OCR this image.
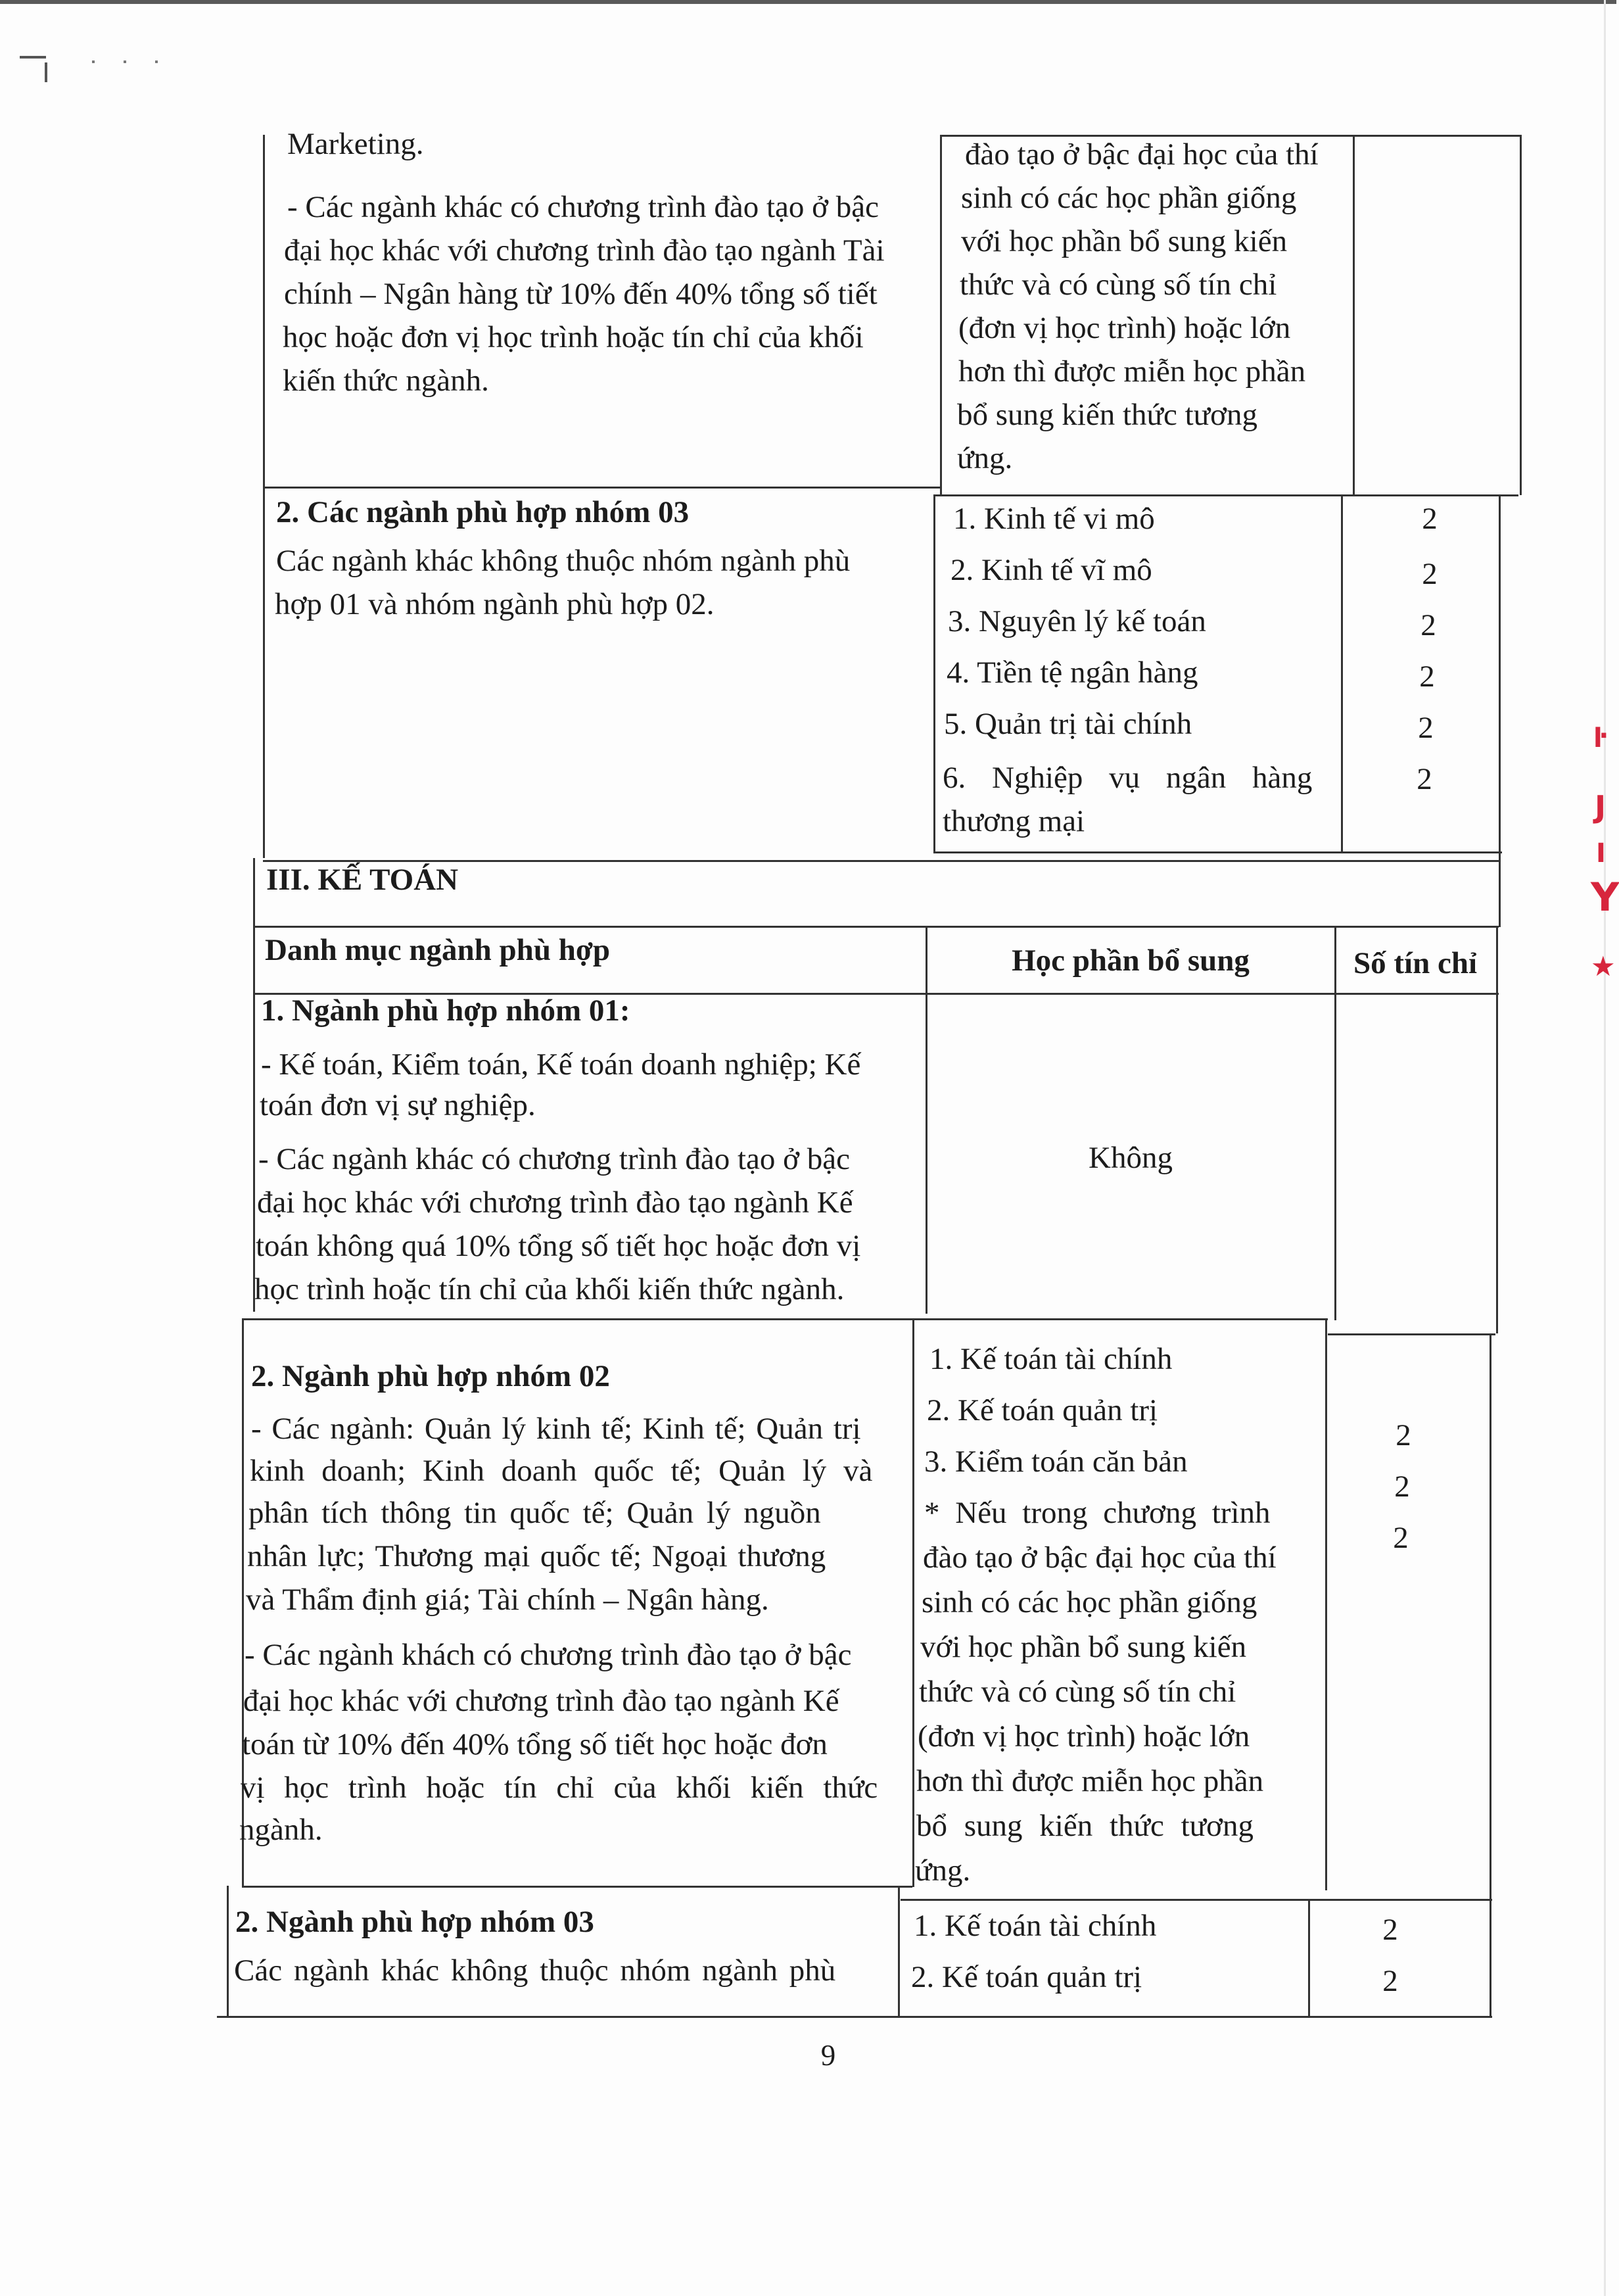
ŀ
J
I
Y
★
Marketing.
- Các ngành khác có chương trình đào tạo ở bậc
đại học khác với chương trình đào tạo ngành Tài
chính – Ngân hàng từ 10% đến 40% tổng số tiết
học hoặc đơn vị học trình hoặc tín chỉ của khối
kiến thức ngành.
đào tạo ở bậc đại học của thí
sinh có các học phần giống
với học phần bổ sung kiến
thức và có cùng số tín chỉ
(đơn vị học trình) hoặc lớn
hơn thì được miễn học phần
bổ sung kiến thức tương
ứng.
2. Các ngành phù hợp nhóm 03
Các ngành khác không thuộc nhóm ngành phù
hợp 01 và nhóm ngành phù hợp 02.
1. Kinh tế vi mô
2. Kinh tế vĩ mô
3. Nguyên lý kế toán
4. Tiền tệ ngân hàng
5. Quản trị tài chính
6. Nghiệp vụ ngân hàng
thương mại
2
2
2
2
2
2
III. KẾ TOÁN
Danh mục ngành phù hợp	Học phần bổ sung	Số tín chỉ
1. Ngành phù hợp nhóm 01:
- Kế toán, Kiểm toán, Kế toán doanh nghiệp; Kế
toán đơn vị sự nghiệp.
- Các ngành khác có chương trình đào tạo ở bậc
đại học khác với chương trình đào tạo ngành Kế
toán không quá 10% tổng số tiết học hoặc đơn vị
học trình hoặc tín chỉ của khối kiến thức ngành.
Không
2. Ngành phù hợp nhóm 02
- Các ngành: Quản lý kinh tế; Kinh tế; Quản trị
kinh doanh; Kinh doanh quốc tế; Quản lý và
phân tích thông tin quốc tế; Quản lý nguồn
nhân lực; Thương mại quốc tế; Ngoại thương
và Thẩm định giá; Tài chính – Ngân hàng.
- Các ngành khách có chương trình đào tạo ở bậc
đại học khác với chương trình đào tạo ngành Kế
toán từ 10% đến 40% tổng số tiết học hoặc đơn
vị học trình hoặc tín chỉ của khối kiến thức
ngành.
1. Kế toán tài chính
2. Kế toán quản trị
3. Kiểm toán căn bản
* Nếu trong chương trình
đào tạo ở bậc đại học của thí
sinh có các học phần giống
với học phần bổ sung kiến
thức và có cùng số tín chỉ
(đơn vị học trình) hoặc lớn
hơn thì được miễn học phần
bổ sung kiến thức tương
ứng.
2
2
2
2. Ngành phù hợp nhóm 03
Các ngành khác không thuộc nhóm ngành phù
1. Kế toán tài chính
2. Kế toán quản trị
2
2
9
